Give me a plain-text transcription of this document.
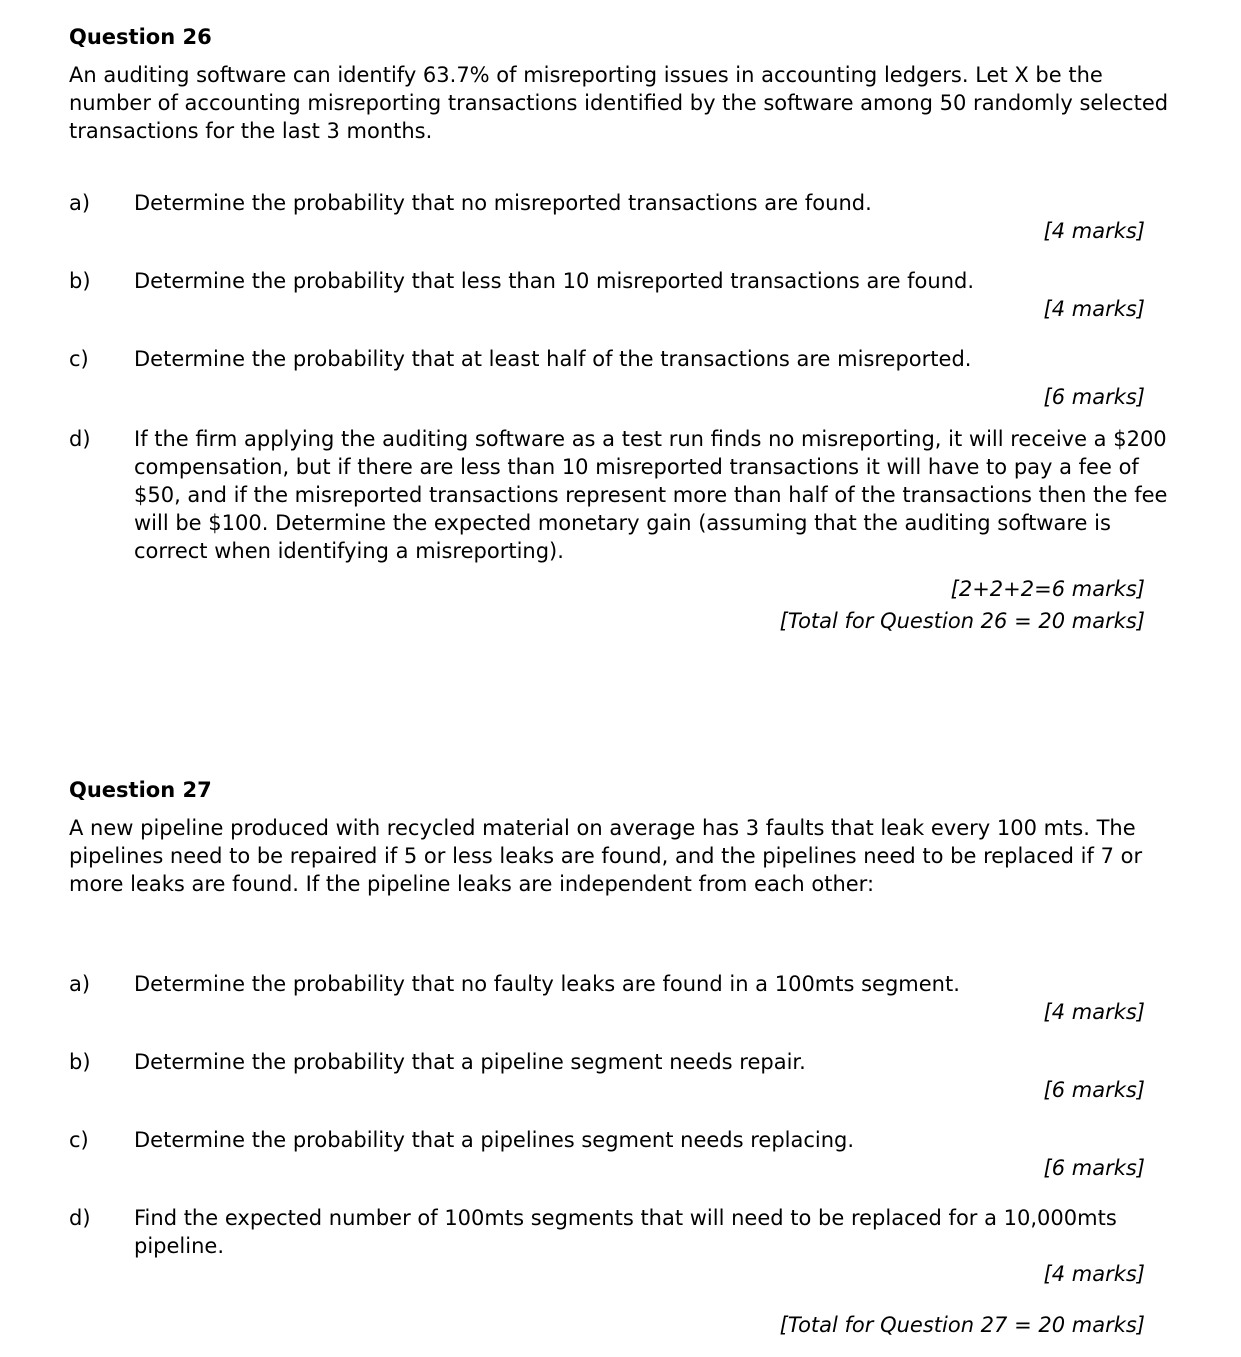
Question 26
An auditing software can identify 63.7% of misreporting issues in accounting ledgers. Let X be the number of accounting misreporting transactions identified by the software among 50 randomly selected transactions for the last 3 months.
a) Determine the probability that no misreported transactions are found.
[4 marks]
b) Determine the probability that less than 10 misreported transactions are found.
[4 marks]
c) Determine the probability that at least half of the transactions are misreported.
[6 marks]
d) If the firm applying the auditing software as a test run finds no misreporting, it will receive a $200 compensation, but if there are less than 10 misreported transactions it will have to pay a fee of $50, and if the misreported transactions represent more than half of the transactions then the fee will be $100. Determine the expected monetary gain (assuming that the auditing software is correct when identifying a misreporting).
[2+2+2=6 marks]
[Total for Question 26 = 20 marks]
Question 27
A new pipeline produced with recycled material on average has 3 faults that leak every 100 mts. The pipelines need to be repaired if 5 or less leaks are found, and the pipelines need to be replaced if 7 or more leaks are found. If the pipeline leaks are independent from each other:
a) Determine the probability that no faulty leaks are found in a 100mts segment.
[4 marks]
b) Determine the probability that a pipeline segment needs repair.
[6 marks]
c) Determine the probability that a pipelines segment needs replacing.
[6 marks]
d) Find the expected number of 100mts segments that will need to be replaced for a 10,000mts pipeline.
[4 marks]
[Total for Question 27 = 20 marks]
